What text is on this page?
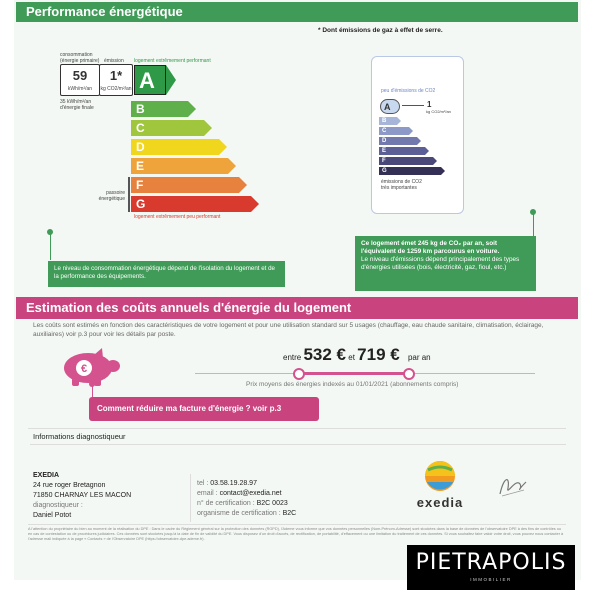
Performance énergétique
* Dont émissions de gaz à effet de serre.
consommation
(énergie primaire) émission logement extrêmement performant
59
kWh/m²/an
1*
kg CO2/m²/an
35 kWh/m²/an
d'énergie finale
A
B
C
D
E
F
G
passoire
énergétique
logement extrêmement peu performant
Le niveau de consommation énergétique dépend de l'isolation du logement et de la performance des équipements.
peu d'émissions de CO2
A	1
kg CO2/m²/an
B
C
D
E
F
G
émissions de CO2
très importantes
Ce logement émet 245 kg de CO₂ par an, soit l'équivalent de 1259 km parcourus en voiture.
Le niveau d'émissions dépend principalement des types d'énergies utilisées (bois, électricité, gaz, fioul, etc.)
Estimation des coûts annuels d'énergie du logement
Les coûts sont estimés en fonction des caractéristiques de votre logement et pour une utilisation standard sur 5 usages (chauffage, eau chaude sanitaire, climatisation, éclairage, auxiliaires) voir p.3 pour voir les détails par poste.
€
entre 532 € et 719 € par an
Prix moyens des énergies indexés au 01/01/2021 (abonnements compris)
Comment réduire ma facture d'énergie ? voir p.3
Informations diagnostiqueur
EXEDIA
24 rue roger Bretagnon
71850 CHARNAY LES MACON
diagnostiqueur :
Daniel Potot
tel : 03.58.19.28.97
email : contact@exedia.net
n° de certification : B2C 0023
organisme de certification : B2C
exedia
A l'attention du propriétaire du bien au moment de la réalisation du DPE : Dans le cadre du Règlement général sur la protection des données (RGPD), l'Ademe vous informe que vos données personnelles (Nom-Prénom-Adresse) sont stockées dans la base de données de l'observatoire DPE à des fins de contrôles ou en cas de contestation ou de procédures judiciaires. Ces données sont stockées jusqu'à la date de fin de validité du DPE. Vous disposez d'un droit d'accès, de rectification, de portabilité, d'effacement ou une limitation du traitement de ces données. Si vous souhaitez faire valoir votre droit, vous pouvez nous contacter à l'adresse mail indiquée à la page « Contacts » de l'Observatoire DPE (https://observatoire-dpe.ademe.fr).
PIETRAPOLIS
IMMOBILIER
